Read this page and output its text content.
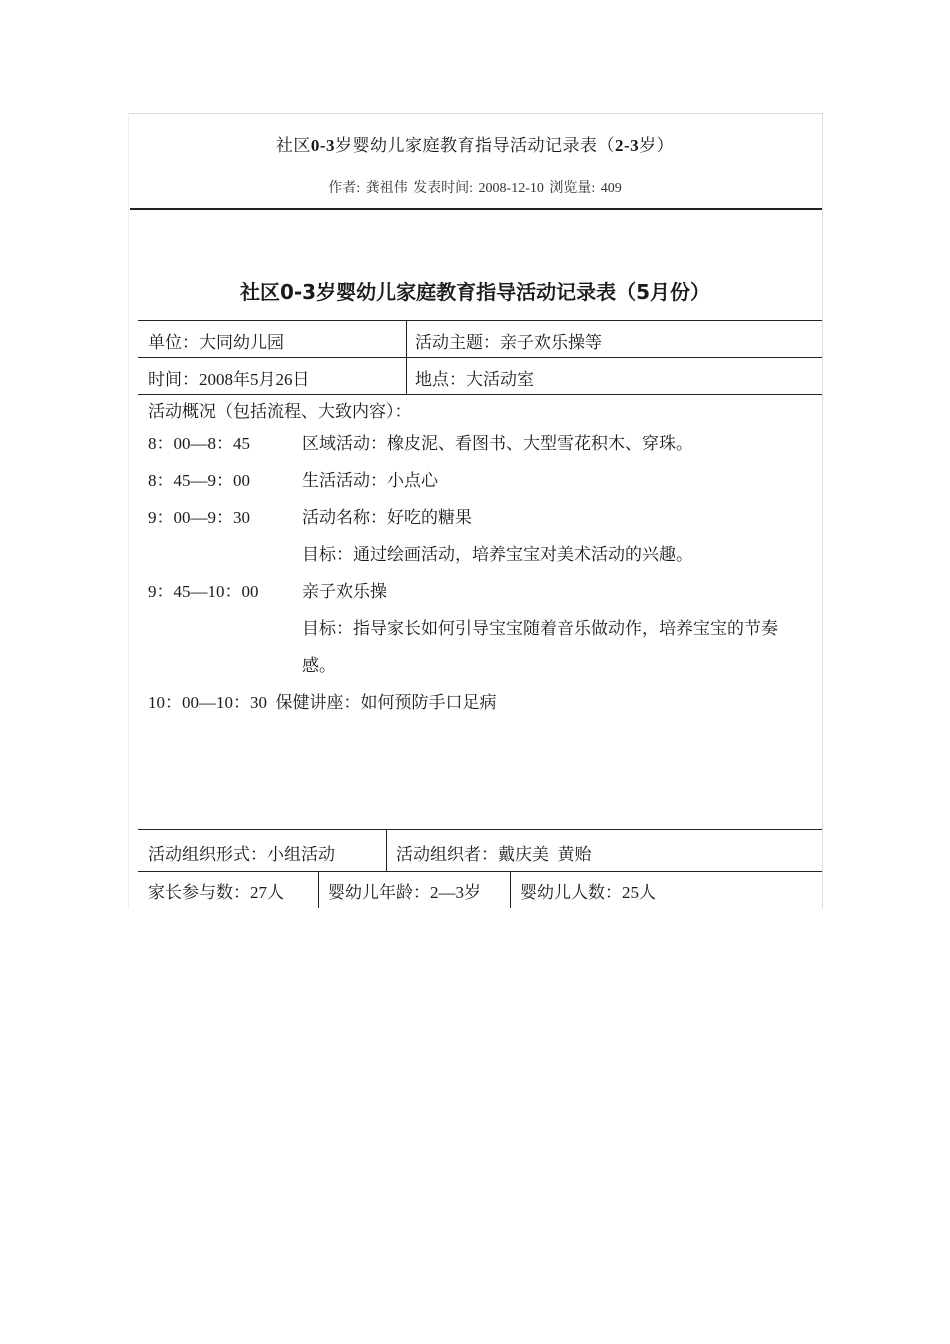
社区0-3岁婴幼儿家庭教育指导活动记录表（2-3岁）
作者: 龚祖伟 发表时间: 2008-12-10 浏览量: 409
社区0-3岁婴幼儿家庭教育指导活动记录表（5月份）
单位：大同幼儿园	活动主题：亲子欢乐操等
时间：2008年5月26日	地点：大活动室
活动概况（包括流程、大致内容）：
8：00—8：45	区域活动：橡皮泥、看图书、大型雪花积木、穿珠。
8：45—9：00	生活活动：小点心
9：00—9：30	活动名称：好吃的糖果
目标：通过绘画活动，培养宝宝对美术活动的兴趣。
9：45—10：00	亲子欢乐操
目标：指导家长如何引导宝宝随着音乐做动作，培养宝宝的节奏
感。
10：00—10：30  保健讲座：如何预防手口足病
活动组织形式：小组活动	活动组织者：戴庆美  黄贻
家长参与数：27人	婴幼儿年龄：2—3岁 婴幼儿人数：25人
